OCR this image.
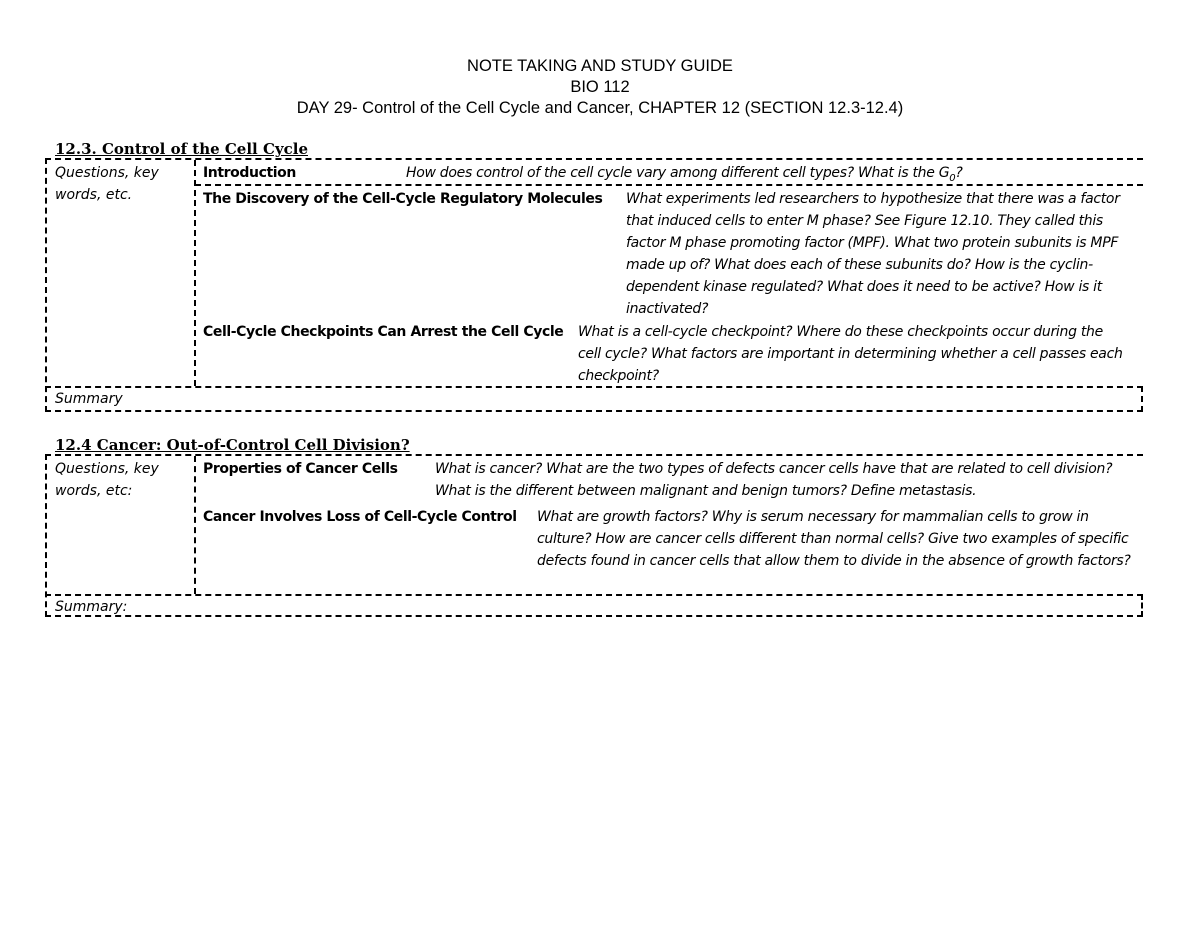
NOTE TAKING AND STUDY GUIDE
BIO 112
DAY 29- Control of the Cell Cycle and Cancer, CHAPTER 12 (SECTION 12.3-12.4)
12.3. Control of the Cell Cycle
Questions, key words, etc.
Introduction	How does control of the cell cycle vary among different cell types? What is the $G_0$?
The Discovery of the Cell-Cycle Regulatory Molecules What experiments led researchers to hypothesize that there was a factor that induced cells to enter M phase? See Figure 12.10. They called this factor M phase promoting factor (MPF). What two protein subunits is MPF made up of? What does each of these subunits do? How is the cyclin-dependent kinase regulated? What does it need to be active? How is it inactivated?
Cell-Cycle Checkpoints Can Arrest the Cell Cycle What is a cell-cycle checkpoint? Where do these checkpoints occur during the cell cycle? What factors are important in determining whether a cell passes each checkpoint?
Summary
12.4 Cancer: Out-of-Control Cell Division?
Questions, key words, etc:
Properties of Cancer Cells	What is cancer? What are the two types of defects cancer cells have that are related to cell division? What is the different between malignant and benign tumors? Define metastasis.
Cancer Involves Loss of Cell-Cycle Control What are growth factors? Why is serum necessary for mammalian cells to grow in culture? How are cancer cells different than normal cells? Give two examples of specific defects found in cancer cells that allow them to divide in the absence of growth factors?
Summary:
